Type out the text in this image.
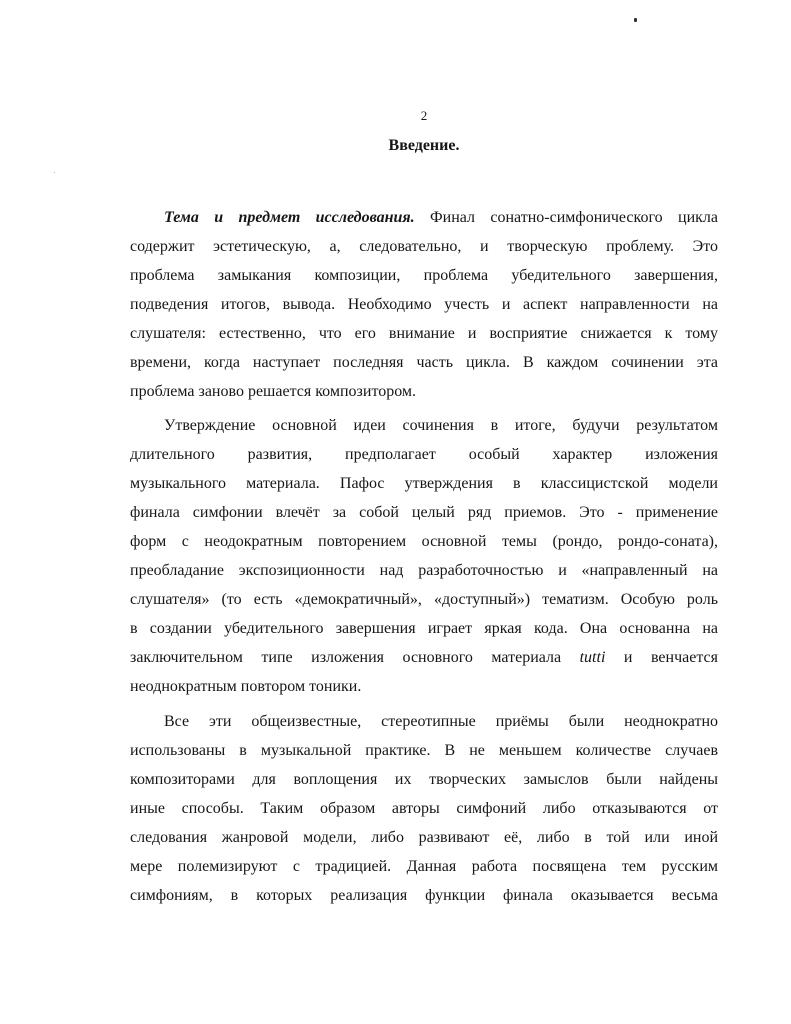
2
Введение.
Тема и предмет исследования. Финал сонатно-симфонического цикла
содержит эстетическую, а, следовательно, и творческую проблему. Это
проблема замыкания композиции, проблема убедительного завершения,
подведения итогов, вывода. Необходимо учесть и аспект направленности на
слушателя: естественно, что его внимание и восприятие снижается к тому
времени, когда наступает последняя часть цикла. В каждом сочинении эта
проблема заново решается композитором.
Утверждение основной идеи сочинения в итоге, будучи результатом
длительного развития, предполагает особый характер изложения
музыкального материала. Пафос утверждения в классицистской модели
финала симфонии влечёт за собой целый ряд приемов. Это - применение
форм с неодократным повторением основной темы (рондо, рондо-соната),
преобладание экспозиционности над разработочностью и «направленный на
слушателя» (то есть «демократичный», «доступный») тематизм. Особую роль
в создании убедительного завершения играет яркая кода. Она основанна на
заключительном типе изложения основного материала tutti и венчается
неоднократным повтором тоники.
Все эти общеизвестные, стереотипные приёмы были неоднократно
использованы в музыкальной практике. В не меньшем количестве случаев
композиторами для воплощения их творческих замыслов были найдены
иные способы. Таким образом авторы симфоний либо отказываются от
следования жанровой модели, либо развивают её, либо в той или иной
мере полемизируют с традицией. Данная работа посвящена тем русским
симфониям, в которых реализация функции финала оказывается весьма
